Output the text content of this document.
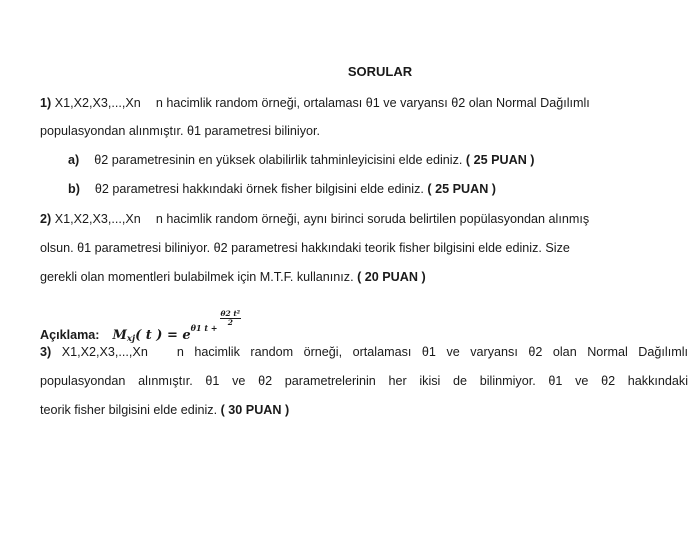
SORULAR
1) X1,X2,X3,...,Xn n hacimlik random örneği, ortalaması θ1 ve varyansı θ2 olan Normal Dağılımlı
populasyondan alınmıştır. θ1 parametresi biliniyor.
a) θ2 parametresinin en yüksek olabilirlik tahminleyicisini elde ediniz. ( 25 PUAN )
b) θ2 parametresi hakkındaki örnek fisher bilgisini elde ediniz. ( 25 PUAN )
2) X1,X2,X3,...,Xn n hacimlik random örneği, aynı birinci soruda belirtilen popülasyondan alınmış
olsun. θ1 parametresi biliniyor. θ2 parametresi hakkındaki teorik fisher bilgisini elde ediniz. Size
gerekli olan momentleri bulabilmek için M.T.F. kullanınız. ( 20 PUAN )
Açıklama: $M_{xj}$( t ) = $e^{\theta 1 t + \frac{\text{θ2 t²}}{2}}$
3) X1,X2,X3,...,Xn n hacimlik random örneği, ortalaması θ1 ve varyansı θ2 olan Normal Dağılımlı
populasyondan alınmıştır. θ1 ve θ2 parametrelerinin her ikisi de bilinmiyor. θ1 ve θ2 hakkındaki
teorik fisher bilgisini elde ediniz. ( 30 PUAN )
